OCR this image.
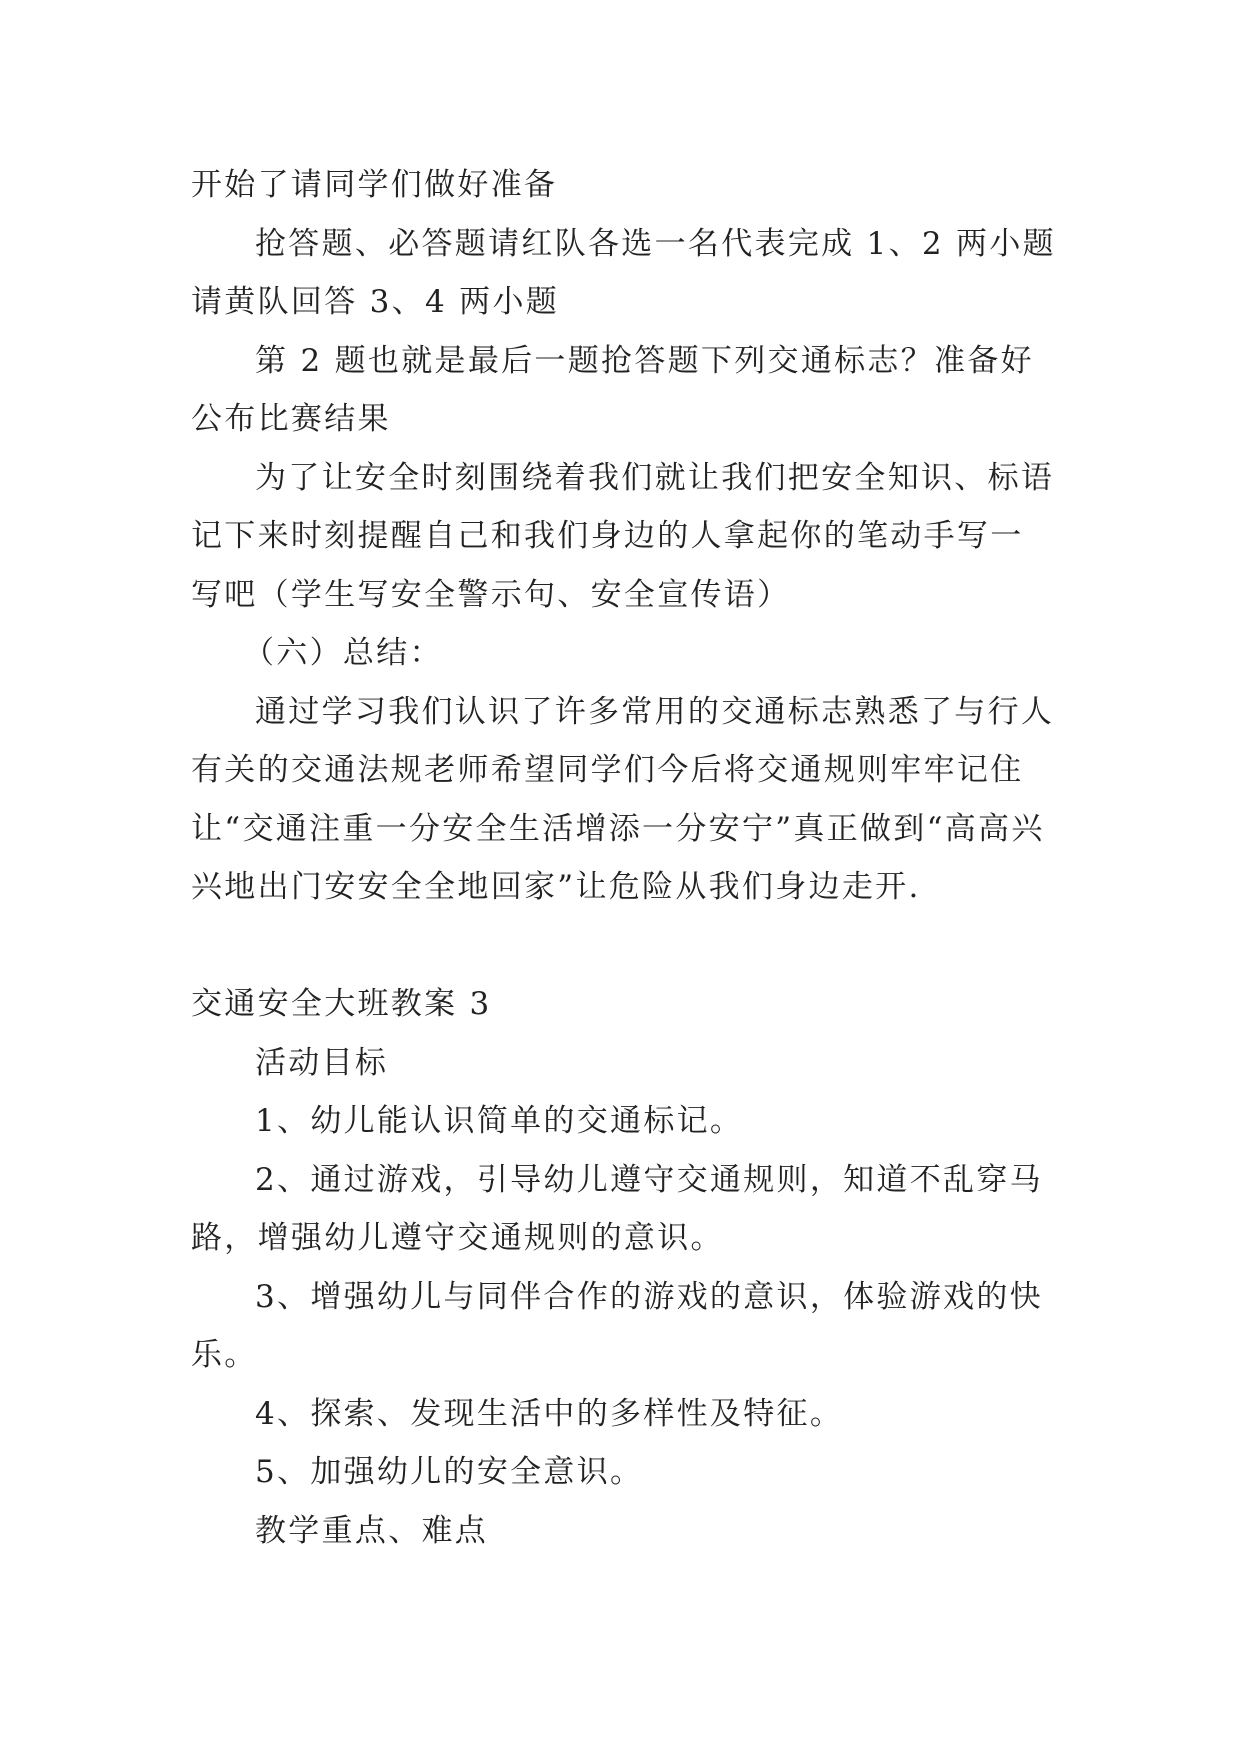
开始了请同学们做好准备

抢答题、必答题请红队各选一名代表完成 1、2 两小题请黄队回答 3、4 两小题

第 2 题也就是最后一题抢答题下列交通标志？准备好公布比赛结果

为了让安全时刻围绕着我们就让我们把安全知识、标语记下来时刻提醒自己和我们身边的人拿起你的笔动手写一写吧（学生写安全警示句、安全宣传语）

（六）总结：

通过学习我们认识了许多常用的交通标志熟悉了与行人有关的交通法规老师希望同学们今后将交通规则牢牢记住让“交通注重一分安全生活增添一分安宁”真正做到“高高兴兴地出门安安全全地回家”让危险从我们身边走开.

交通安全大班教案 3

活动目标

1、幼儿能认识简单的交通标记。

2、通过游戏，引导幼儿遵守交通规则，知道不乱穿马路，增强幼儿遵守交通规则的意识。

3、增强幼儿与同伴合作的游戏的意识，体验游戏的快乐。

4、探索、发现生活中的多样性及特征。

5、加强幼儿的安全意识。

教学重点、难点
